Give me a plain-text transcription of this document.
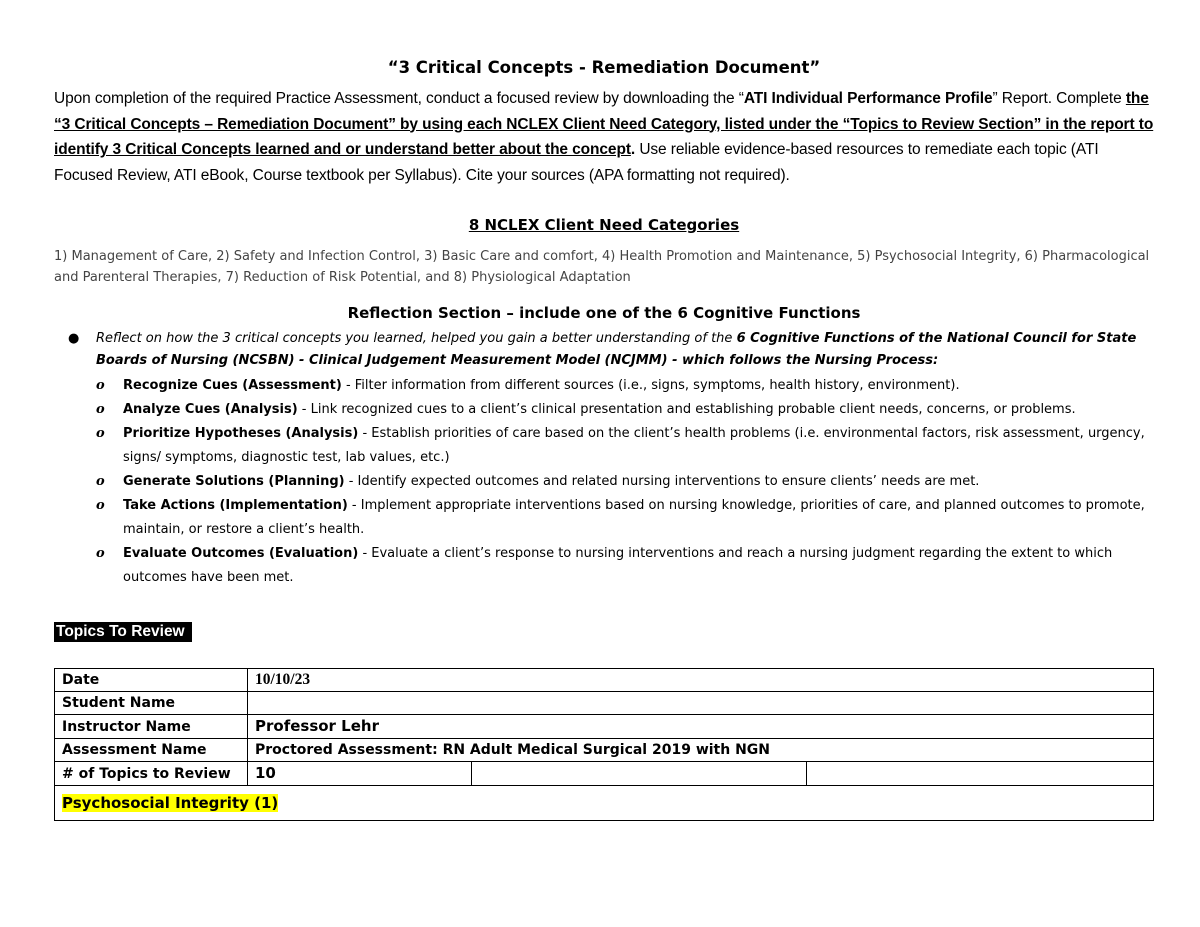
“3 Critical Concepts - Remediation Document”

Upon completion of the required Practice Assessment, conduct a focused review by downloading the “ATI Individual Performance Profile” Report. Complete the “3 Critical Concepts – Remediation Document” by using each NCLEX Client Need Category, listed under the “Topics to Review Section” in the report to identify 3 Critical Concepts learned and or understand better about the concept. Use reliable evidence-based resources to remediate each topic (ATI Focused Review, ATI eBook, Course textbook per Syllabus). Cite your sources (APA formatting not required).

8 NCLEX Client Need Categories

1) Management of Care, 2) Safety and Infection Control, 3) Basic Care and comfort, 4) Health Promotion and Maintenance, 5) Psychosocial Integrity, 6) Pharmacological and Parenteral Therapies, 7) Reduction of Risk Potential, and 8) Physiological Adaptation

Reflection Section – include one of the 6 Cognitive Functions
● Reflect on how the 3 critical concepts you learned, helped you gain a better understanding of the 6 Cognitive Functions of the National Council for State Boards of Nursing (NCSBN) - Clinical Judgement Measurement Model (NCJMM) - which follows the Nursing Process:
o Recognize Cues (Assessment) - Filter information from different sources (i.e., signs, symptoms, health history, environment).
o Analyze Cues (Analysis) - Link recognized cues to a client’s clinical presentation and establishing probable client needs, concerns, or problems.
o Prioritize Hypotheses (Analysis) - Establish priorities of care based on the client’s health problems (i.e. environmental factors, risk assessment, urgency, signs/ symptoms, diagnostic test, lab values, etc.)
o Generate Solutions (Planning) - Identify expected outcomes and related nursing interventions to ensure clients’ needs are met.
o Take Actions (Implementation) - Implement appropriate interventions based on nursing knowledge, priorities of care, and planned outcomes to promote, maintain, or restore a client’s health.
o Evaluate Outcomes (Evaluation) - Evaluate a client’s response to nursing interventions and reach a nursing judgment regarding the extent to which outcomes have been met.
Topics To Review
Date	10/10/23		
Student Name			
Instructor Name	Professor Lehr		
Assessment Name	Proctored Assessment: RN Adult Medical Surgical 2019 with NGN		
# of Topics to Review	10		
Psychosocial Integrity (1)			
